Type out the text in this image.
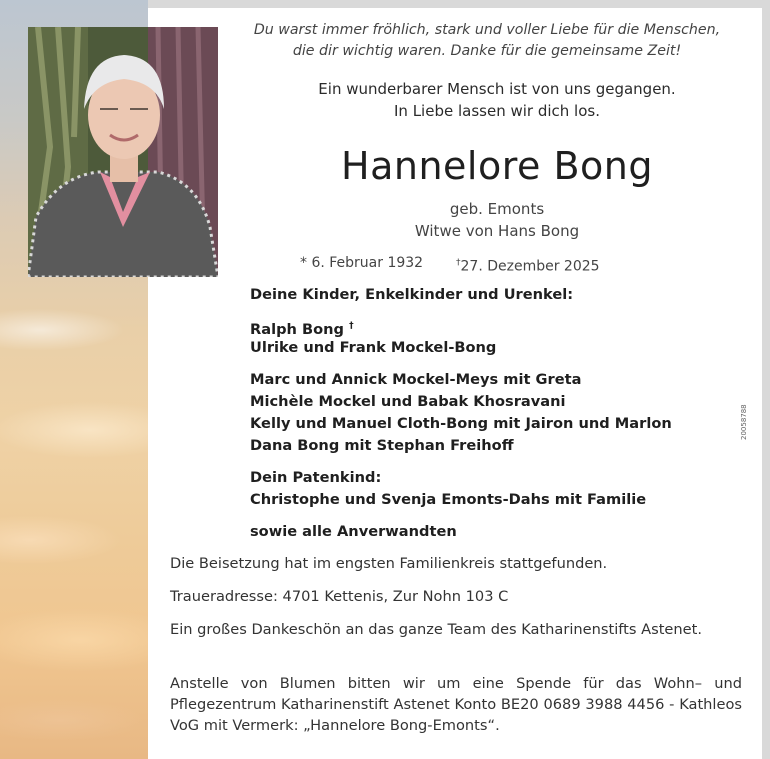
Du warst immer fröhlich, stark und voller Liebe für die Menschen,
die dir wichtig waren. Danke für die gemeinsame Zeit!
Ein wunderbarer Mensch ist von uns gegangen.
In Liebe lassen wir dich los.
Hannelore Bong
geb. Emonts
Witwe von Hans Bong
* 6. Februar 1932	†27. Dezember 2025
Deine Kinder, Enkelkinder und Urenkel:
Ralph Bong †
Ulrike und Frank Mockel-Bong
Marc und Annick Mockel-Meys mit Greta
Michèle Mockel und Babak Khosravani
Kelly und Manuel Cloth-Bong mit Jairon und Marlon
Dana Bong mit Stephan Freihoff
Dein Patenkind:
Christophe und Svenja Emonts-Dahs mit Familie
sowie alle Anverwandten
Die Beisetzung hat im engsten Familienkreis stattgefunden.
Traueradresse: 4701 Kettenis, Zur Nohn 103 C
Ein großes Dankeschön an das ganze Team des Katharinenstifts Astenet.
Anstelle von Blumen bitten wir um eine Spende für das Wohn– und Pflegezentrum Katharinenstift Astenet Konto BE20 0689 3988 4456 - Kathleos VoG mit Vermerk: „Hannelore Bong-Emonts“.
20058788
